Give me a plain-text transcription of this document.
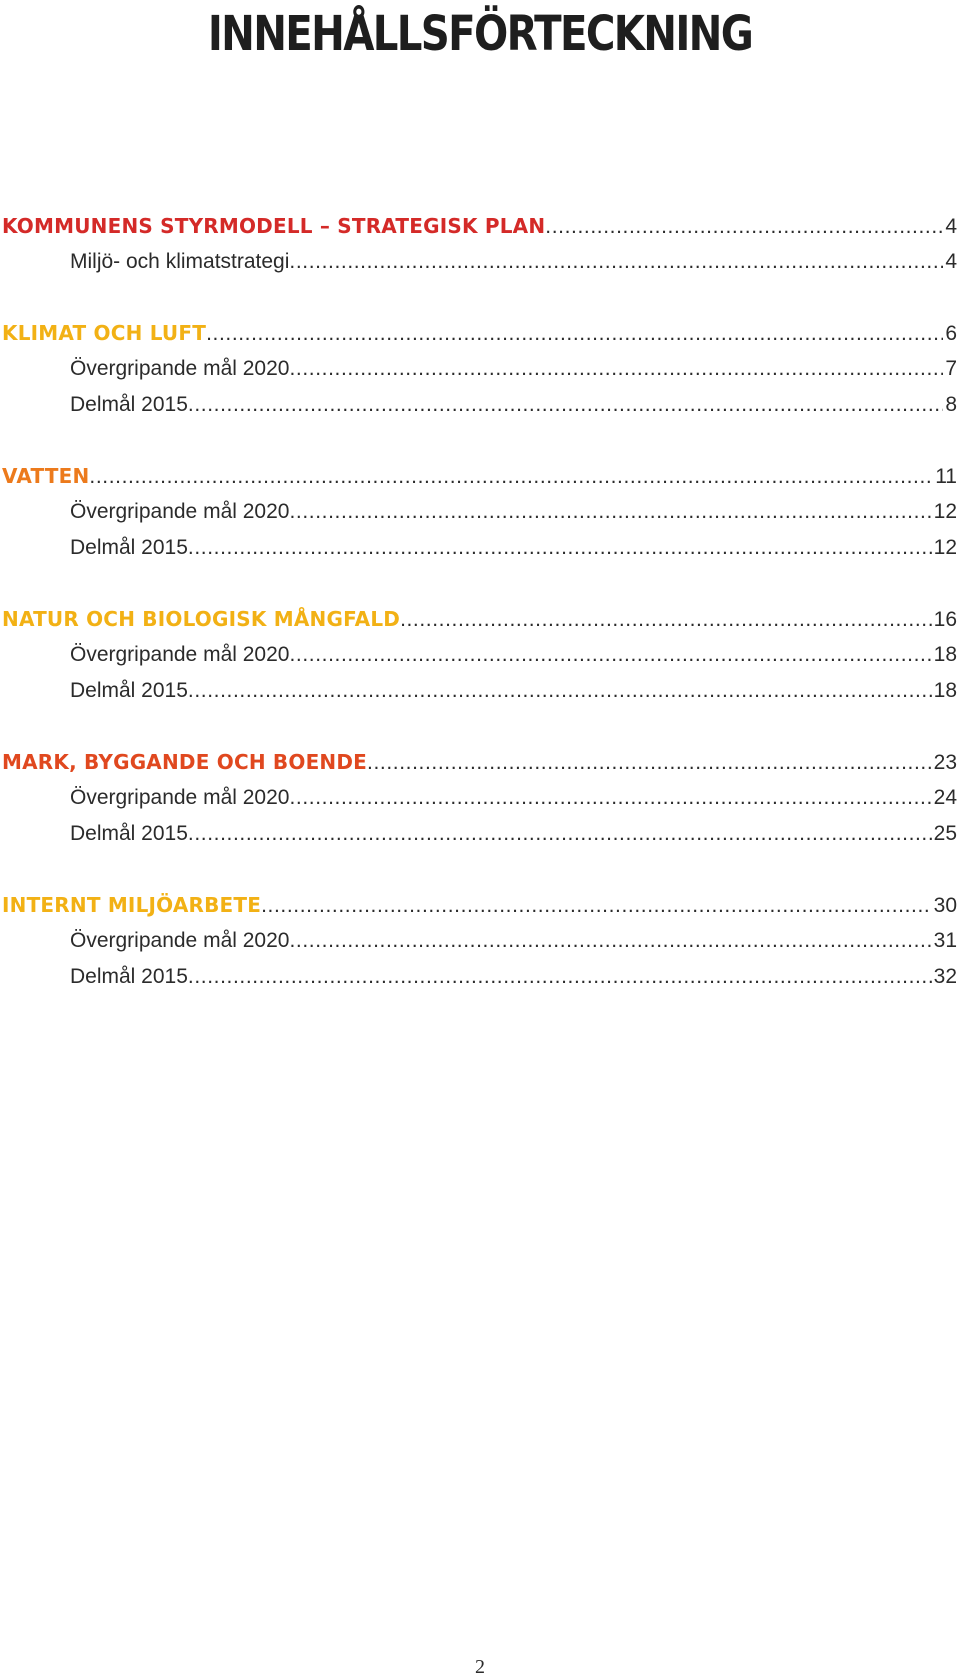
INNEHÅLLSFÖRTECKNING
KOMMUNENS STYRMODELL – STRATEGISK PLAN .....	4
Miljö- och klimatstrategi .....	4
KLIMAT OCH LUFT .....	6
Övergripande mål 2020 .....	7
Delmål 2015 .....	8
VATTEN .....	11
Övergripande mål 2020 .....	12
Delmål 2015 .....	12
NATUR OCH BIOLOGISK MÅNGFALD .....	16
Övergripande mål 2020 .....	18
Delmål 2015 .....	18
MARK, BYGGANDE OCH BOENDE .....	23
Övergripande mål 2020 .....	24
Delmål 2015 .....	25
INTERNT MILJÖARBETE .....	30
Övergripande mål 2020 .....	31
Delmål 2015 .....	32
2
